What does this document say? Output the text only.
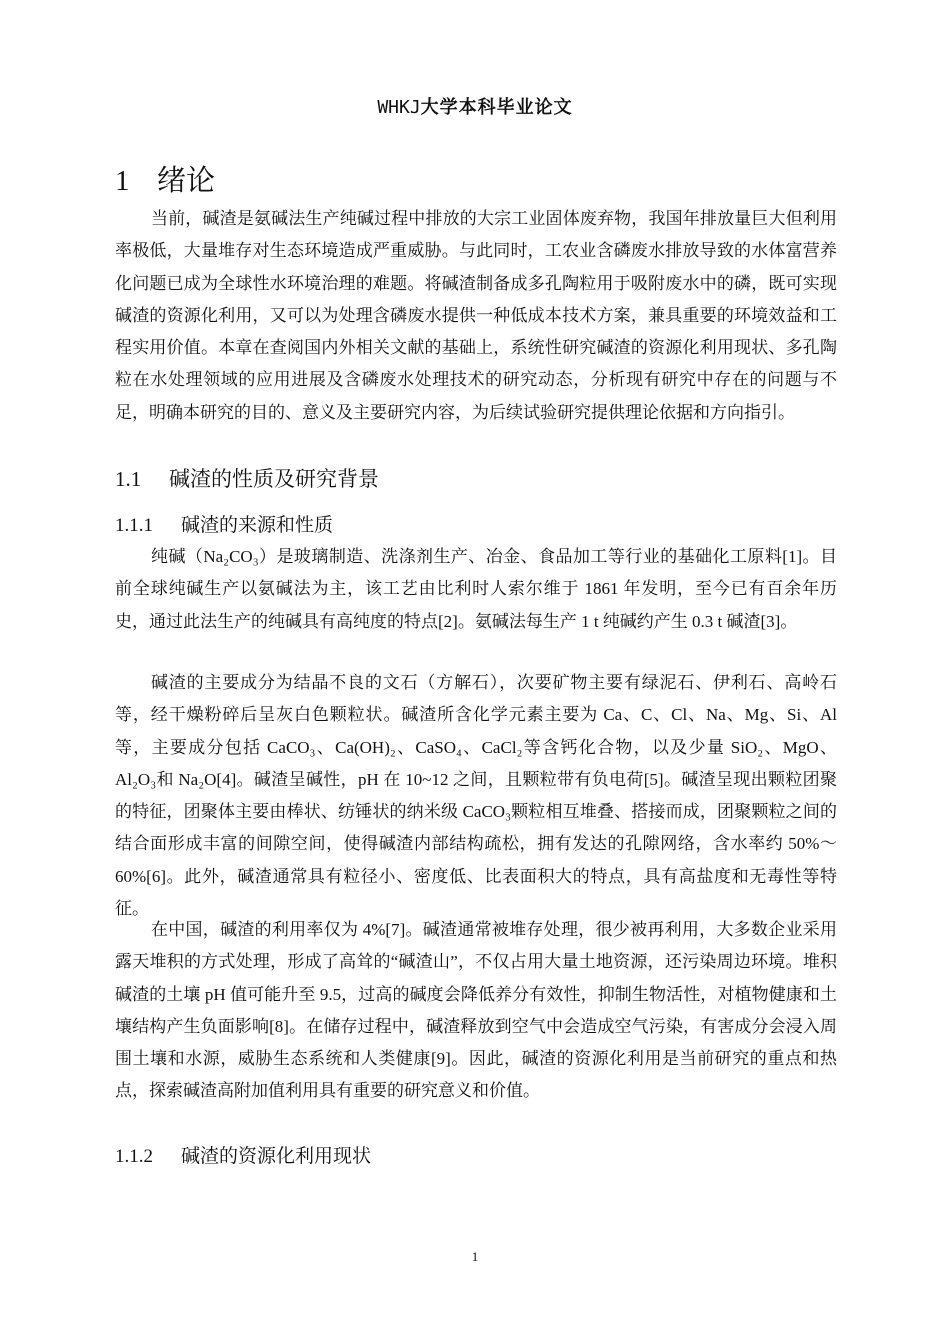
WHKJ大学本科毕业论文
1 绪论

当前，碱渣是氨碱法生产纯碱过程中排放的大宗工业固体废弃物，我国年排放量巨大但利用率极低，大量堆存对生态环境造成严重威胁。与此同时，工农业含磷废水排放导致的水体富营养化问题已成为全球性水环境治理的难题。将碱渣制备成多孔陶粒用于吸附废水中的磷，既可实现碱渣的资源化利用，又可以为处理含磷废水提供一种低成本技术方案，兼具重要的环境效益和工程实用价值。本章在查阅国内外相关文献的基础上，系统性研究碱渣的资源化利用现状、多孔陶粒在水处理领域的应用进展及含磷废水处理技术的研究动态，分析现有研究中存在的问题与不足，明确本研究的目的、意义及主要研究内容，为后续试验研究提供理论依据和方向指引。

1.1 碱渣的性质及研究背景
1.1.1 碱渣的来源和性质

纯碱（Na₂CO₃）是玻璃制造、洗涤剂生产、冶金、食品加工等行业的基础化工原料[1]。目前全球纯碱生产以氨碱法为主，该工艺由比利时人索尔维于 1861 年发明，至今已有百余年历史，通过此法生产的纯碱具有高纯度的特点[2]。氨碱法每生产 1 t 纯碱约产生 0.3 t 碱渣[3]。

碱渣的主要成分为结晶不良的文石（方解石），次要矿物主要有绿泥石、伊利石、高岭石等，经干燥粉碎后呈灰白色颗粒状。碱渣所含化学元素主要为 Ca、C、Cl、Na、Mg、Si、Al 等，主要成分包括 CaCO₃、Ca(OH)₂、CaSO₄、CaCl₂等含钙化合物，以及少量 SiO₂、MgO、Al₂O₃和 Na₂O[4]。碱渣呈碱性，pH 在 10~12 之间，且颗粒带有负电荷[5]。碱渣呈现出颗粒团聚的特征，团聚体主要由棒状、纺锤状的纳米级 CaCO₃颗粒相互堆叠、搭接而成，团聚颗粒之间的结合面形成丰富的间隙空间，使得碱渣内部结构疏松，拥有发达的孔隙网络，含水率约 50%～60%[6]。此外，碱渣通常具有粒径小、密度低、比表面积大的特点，具有高盐度和无毒性等特征。

在中国，碱渣的利用率仅为 4%[7]。碱渣通常被堆存处理，很少被再利用，大多数企业采用露天堆积的方式处理，形成了高耸的“碱渣山”，不仅占用大量土地资源，还污染周边环境。堆积碱渣的土壤 pH 值可能升至 9.5，过高的碱度会降低养分有效性，抑制生物活性，对植物健康和土壤结构产生负面影响[8]。在储存过程中，碱渣释放到空气中会造成空气污染，有害成分会浸入周围土壤和水源，威胁生态系统和人类健康[9]。因此，碱渣的资源化利用是当前研究的重点和热点，探索碱渣高附加值利用具有重要的研究意义和价值。

1.1.2 碱渣的资源化利用现状
1
